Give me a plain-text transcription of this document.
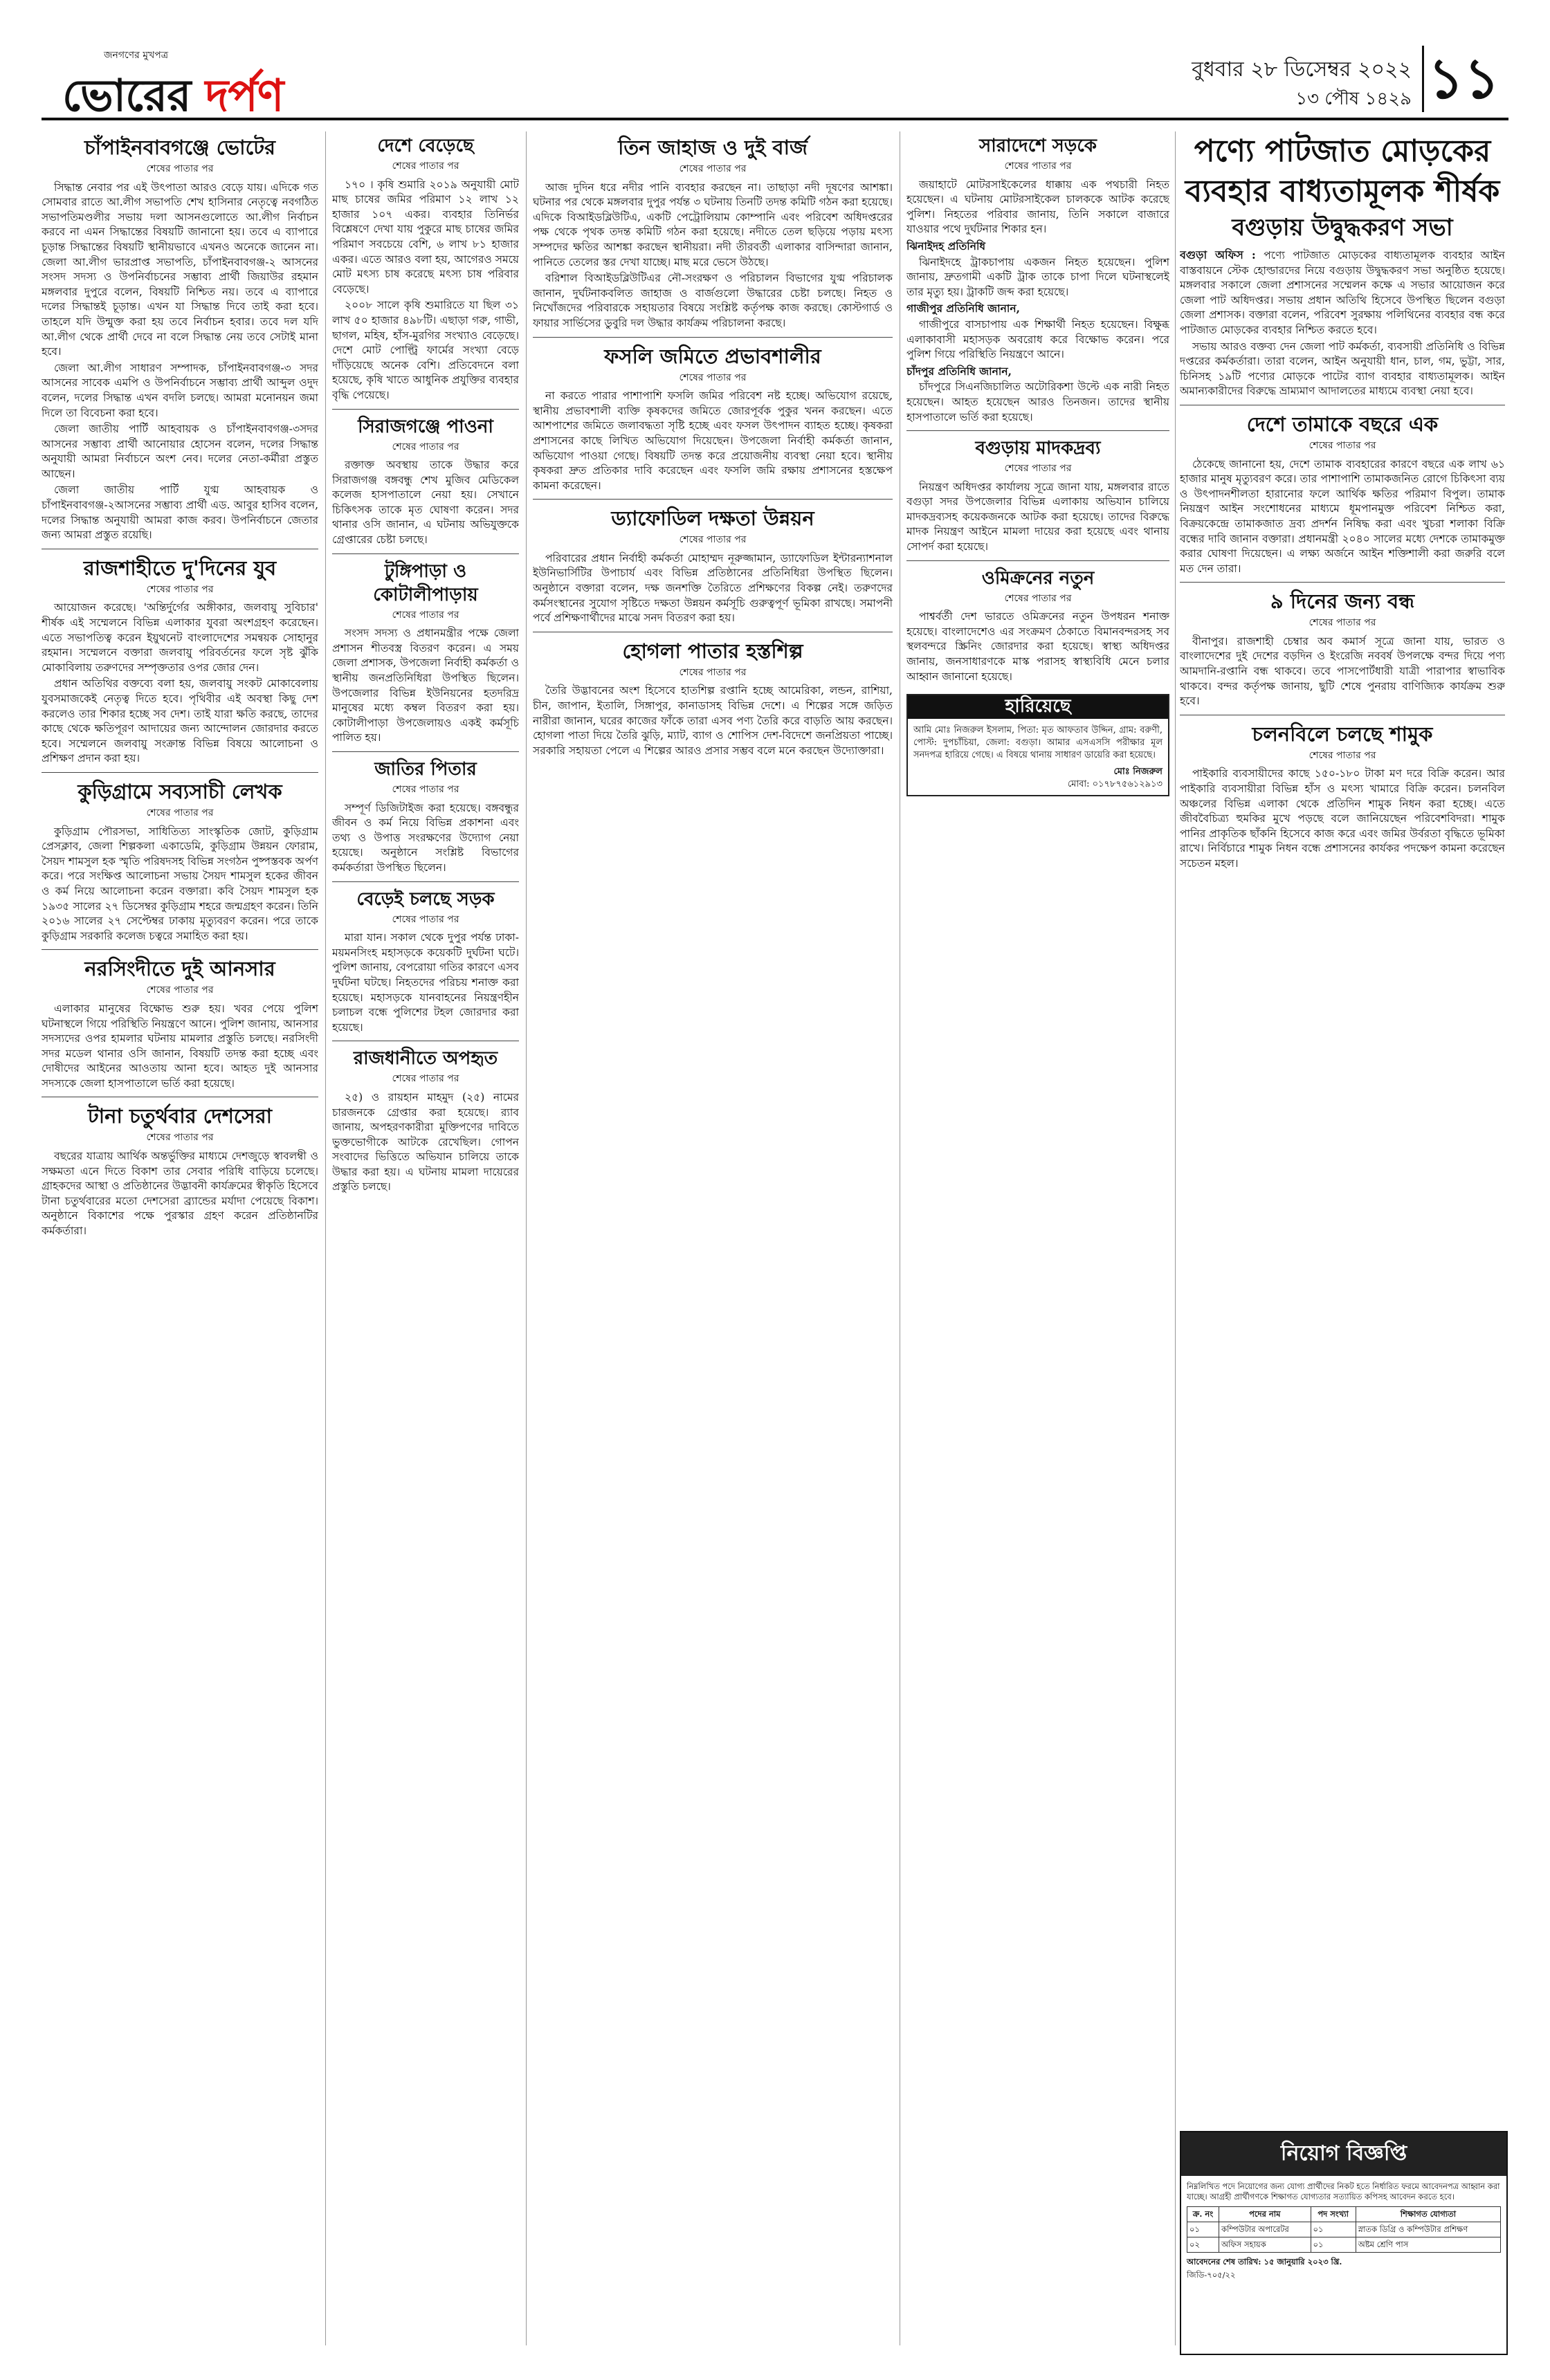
জনগণের মুখপত্র
ভোরের দর্পণ
বুধবার ২৮ ডিসেম্বর ২০২২
১৩ পৌষ ১৪২৯ ১১
চাঁপাইনবাবগঞ্জে ভোটের
শেষের পাতার পর

সিদ্ধান্ত নেবার পর এই উৎপাতা আরও বেড়ে যায়। এদিকে গত সোমবার রাতে আ.লীগ সভাপতি শেখ হাসিনার নেতৃত্বে নবগঠিত সভাপতিমণ্ডলীর সভায় দলা আসনগুলোতে আ.লীগ নির্বাচন করবে না এমন সিদ্ধান্তের বিষয়টি জানানো হয়। তবে এ ব্যাপারে চূড়ান্ত সিদ্ধান্তের বিষয়টি স্থানীয়ভাবে এখনও অনেকে জানেন না। জেলা আ.লীগ ভারপ্রাপ্ত সভাপতি, চাঁপাইনবাবগঞ্জ-২ আসনের সংসদ সদস্য ও উপনির্বাচনের সম্ভাব্য প্রার্থী জিয়াউর রহমান মঙ্গলবার দুপুরে বলেন, বিষয়টি নিশ্চিত নয়। তবে এ ব্যাপারে দলের সিদ্ধান্তই চূড়ান্ত। এখন যা সিদ্ধান্ত দিবে তাই করা হবে। তাহলে যদি উন্মুক্ত করা হয় তবে নির্বাচন হবার। তবে দল যদি আ.লীগ থেকে প্রার্থী দেবে না বলে সিদ্ধান্ত নেয় তবে সেটাই মানা হবে।

জেলা আ.লীগ সাধারণ সম্পাদক, চাঁপাইনবাবগঞ্জ-৩ সদর আসনের সাবেক এমপি ও উপনির্বাচনে সম্ভাব্য প্রার্থী আব্দুল ওদুদ বলেন, দলের সিদ্ধান্ত এখন বদলি চলছে। আমরা মনোনয়ন জমা দিলে তা বিবেচনা করা হবে।

জেলা জাতীয় পার্টি আহবায়ক ও চাঁপাইনবাবগঞ্জ-৩সদর আসনের সম্ভাব্য প্রার্থী আনোয়ার হোসেন বলেন, দলের সিদ্ধান্ত অনুযায়ী আমরা নির্বাচনে অংশ নেব। দলের নেতা-কর্মীরা প্রস্তুত আছেন।

জেলা জাতীয় পার্টি যুগ্ম আহবায়ক ও চাঁপাইনবাবগঞ্জ-২আসনের সম্ভাব্য প্রার্থী এড. আবুর হাসিব বলেন, দলের সিদ্ধান্ত অনুযায়ী আমরা কাজ করব। উপনির্বাচনে জেতার জন্য আমরা প্রস্তুত রয়েছি।

রাজশাহীতে দু'দিনের যুব
শেষের পাতার পর

আয়োজন করেছে। 'অন্তির্দুর্গের অঙ্গীকার, জলবায়ু সুবিচার' শীর্ষক এই সম্মেলনে বিভিন্ন এলাকার যুবরা অংশগ্রহণ করেছেন। এতে সভাপতিত্ব করেন ইয়ুথনেট বাংলাদেশের সমন্বয়ক সোহানুর রহমান। সম্মেলনে বক্তারা জলবায়ু পরিবর্তনের ফলে সৃষ্ট ঝুঁকি মোকাবিলায় তরুণদের সম্পৃক্ততার ওপর জোর দেন।

প্রধান অতিথির বক্তব্যে বলা হয়, জলবায়ু সংকট মোকাবেলায় যুবসমাজকেই নেতৃত্ব দিতে হবে। পৃথিবীর এই অবস্থা কিছু দেশ করলেও তার শিকার হচ্ছে সব দেশ। তাই যারা ক্ষতি করছে, তাদের কাছে থেকে ক্ষতিপূরণ আদায়ের জন্য আন্দোলন জোরদার করতে হবে। সম্মেলনে জলবায়ু সংক্রান্ত বিভিন্ন বিষয়ে আলোচনা ও প্রশিক্ষণ প্রদান করা হয়।

কুড়িগ্রামে সব্যসাচী লেখক
শেষের পাতার পর

কুড়িগ্রাম পৌরসভা, সাধিতিত্য সাংস্কৃতিক জোট, কুড়িগ্রাম প্রেসক্লাব, জেলা শিল্পকলা একাডেমি, কুড়িগ্রাম উন্নয়ন ফোরাম, সৈয়দ শামসুল হক স্মৃতি পরিষদসহ বিভিন্ন সংগঠন পুষ্পস্তবক অর্পণ করে। পরে সংক্ষিপ্ত আলোচনা সভায় সৈয়দ শামসুল হকের জীবন ও কর্ম নিয়ে আলোচনা করেন বক্তারা। কবি সৈয়দ শামসুল হক ১৯৩৫ সালের ২৭ ডিসেম্বর কুড়িগ্রাম শহরে জন্মগ্রহণ করেন। তিনি ২০১৬ সালের ২৭ সেপ্টেম্বর ঢাকায় মৃত্যুবরণ করেন। পরে তাকে কুড়িগ্রাম সরকারি কলেজ চত্বরে সমাহিত করা হয়।

নরসিংদীতে দুই আনসার
শেষের পাতার পর

এলাকার মানুষের বিক্ষোভ শুরু হয়। খবর পেয়ে পুলিশ ঘটনাস্থলে গিয়ে পরিস্থিতি নিয়ন্ত্রণে আনে। পুলিশ জানায়, আনসার সদস্যদের ওপর হামলার ঘটনায় মামলার প্রস্তুতি চলছে। নরসিংদী সদর মডেল থানার ওসি জানান, বিষয়টি তদন্ত করা হচ্ছে এবং দোষীদের আইনের আওতায় আনা হবে। আহত দুই আনসার সদস্যকে জেলা হাসপাতালে ভর্তি করা হয়েছে।

টানা চতুর্থবার দেশসেরা
শেষের পাতার পর

বছরের যাত্রায় আর্থিক অন্তর্ভুক্তির মাধ্যমে দেশজুড়ে স্বাবলম্বী ও সক্ষমতা এনে দিতে বিকাশ তার সেবার পরিধি বাড়িয়ে চলেছে। গ্রাহকদের আস্থা ও প্রতিষ্ঠানের উদ্ভাবনী কার্যক্রমের স্বীকৃতি হিসেবে টানা চতুর্থবারের মতো দেশসেরা ব্র্যান্ডের মর্যাদা পেয়েছে বিকাশ। অনুষ্ঠানে বিকাশের পক্ষে পুরস্কার গ্রহণ করেন প্রতিষ্ঠানটির কর্মকর্তারা।

দেশে বেড়েছে
শেষের পাতার পর

১৭০ । কৃষি শুমারি ২০১৯ অনুযায়ী মোট মাছ চাষের জমির পরিমাণ ১২ লাখ ১২ হাজার ১০৭ একর। ব্যবহার তিনির্ভর বিশ্লেষণে দেখা যায় পুকুরে মাছ চাষের জমির পরিমাণ সবচেয়ে বেশি, ৬ লাখ ৮১ হাজার একর। এতে আরও বলা হয়, আগেরও সময়ে মোট মৎস্য চাষ করেছে মৎস্য চাষ পরিবার বেড়েছে।

২০০৮ সালে কৃষি শুমারিতে যা ছিল ৩১ লাখ ৫০ হাজার ৪৯৮টি। এছাড়া গরু, গাভী, ছাগল, মহিষ, হাঁস-মুরগির সংখ্যাও বেড়েছে। দেশে মোট পোল্ট্রি ফার্মের সংখ্যা বেড়ে দাঁড়িয়েছে অনেক বেশি। প্রতিবেদনে বলা হয়েছে, কৃষি খাতে আধুনিক প্রযুক্তির ব্যবহার বৃদ্ধি পেয়েছে।

সিরাজগঞ্জে পাওনা
শেষের পাতার পর

রক্তাক্ত অবস্থায় তাকে উদ্ধার করে সিরাজগঞ্জ বঙ্গবন্ধু শেখ মুজিব মেডিকেল কলেজ হাসপাতালে নেয়া হয়। সেখানে চিকিৎসক তাকে মৃত ঘোষণা করেন। সদর থানার ওসি জানান, এ ঘটনায় অভিযুক্তকে গ্রেপ্তারের চেষ্টা চলছে।

টুঙ্গিপাড়া ও কোটালীপাড়ায়
শেষের পাতার পর

সংসদ সদস্য ও প্রধানমন্ত্রীর পক্ষে জেলা প্রশাসন শীতবস্ত্র বিতরণ করেন। এ সময় জেলা প্রশাসক, উপজেলা নির্বাহী কর্মকর্তা ও স্থানীয় জনপ্রতিনিধিরা উপস্থিত ছিলেন। উপজেলার বিভিন্ন ইউনিয়নের হতদরিদ্র মানুষের মধ্যে কম্বল বিতরণ করা হয়। কোটালীপাড়া উপজেলায়ও একই কর্মসূচি পালিত হয়।

জাতির পিতার
শেষের পাতার পর

সম্পূর্ণ ডিজিটাইজ করা হয়েছে। বঙ্গবন্ধুর জীবন ও কর্ম নিয়ে বিভিন্ন প্রকাশনা এবং তথ্য ও উপাত্ত সংরক্ষণের উদ্যোগ নেয়া হয়েছে। অনুষ্ঠানে সংশ্লিষ্ট বিভাগের কর্মকর্তারা উপস্থিত ছিলেন।

বেড়েই চলছে সড়ক
শেষের পাতার পর

মারা যান। সকাল থেকে দুপুর পর্যন্ত ঢাকা-ময়মনসিংহ মহাসড়কে কয়েকটি দুর্ঘটনা ঘটে। পুলিশ জানায়, বেপরোয়া গতির কারণে এসব দুর্ঘটনা ঘটছে। নিহতদের পরিচয় শনাক্ত করা হয়েছে। মহাসড়কে যানবাহনের নিয়ন্ত্রণহীন চলাচল বন্ধে পুলিশের টহল জোরদার করা হয়েছে।

রাজধানীতে অপহৃত
শেষের পাতার পর

২৫) ও রায়হান মাহমুদ (২৫) নামের চারজনকে গ্রেপ্তার করা হয়েছে। র‍্যাব জানায়, অপহরণকারীরা মুক্তিপণের দাবিতে ভুক্তভোগীকে আটকে রেখেছিল। গোপন সংবাদের ভিত্তিতে অভিযান চালিয়ে তাকে উদ্ধার করা হয়। এ ঘটনায় মামলা দায়েরের প্রস্তুতি চলছে।

তিন জাহাজ ও দুই বার্জ
শেষের পাতার পর

আজ দুদিন ধরে নদীর পানি ব্যবহার করছেন না। তাছাড়া নদী দূষণের আশঙ্কা। ঘটনার পর থেকে মঙ্গলবার দুপুর পর্যন্ত ৩ ঘটনায় তিনটি তদন্ত কমিটি গঠন করা হয়েছে। এদিকে বিআইডব্লিউটিএ, একটি পেট্রোলিয়াম কোম্পানি এবং পরিবেশ অধিদপ্তরের পক্ষ থেকে পৃথক তদন্ত কমিটি গঠন করা হয়েছে। নদীতে তেল ছড়িয়ে পড়ায় মৎস্য সম্পদের ক্ষতির আশঙ্কা করছেন স্থানীয়রা। নদী তীরবর্তী এলাকার বাসিন্দারা জানান, পানিতে তেলের স্তর দেখা যাচ্ছে। মাছ মরে ভেসে উঠছে।

বরিশাল বিআইডব্লিউটিএর নৌ-সংরক্ষণ ও পরিচালন বিভাগের যুগ্ম পরিচালক জানান, দুর্ঘটনাকবলিত জাহাজ ও বার্জগুলো উদ্ধারের চেষ্টা চলছে। নিহত ও নিখোঁজদের পরিবারকে সহায়তার বিষয়ে সংশ্লিষ্ট কর্তৃপক্ষ কাজ করছে। কোস্টগার্ড ও ফায়ার সার্ভিসের ডুবুরি দল উদ্ধার কার্যক্রম পরিচালনা করছে।

ফসলি জমিতে প্রভাবশালীর
শেষের পাতার পর

না করতে পারার পাশাপাশি ফসলি জমির পরিবেশ নষ্ট হচ্ছে। অভিযোগ রয়েছে, স্থানীয় প্রভাবশালী ব্যক্তি কৃষকদের জমিতে জোরপূর্বক পুকুর খনন করছেন। এতে আশপাশের জমিতে জলাবদ্ধতা সৃষ্টি হচ্ছে এবং ফসল উৎপাদন ব্যাহত হচ্ছে। কৃষকরা প্রশাসনের কাছে লিখিত অভিযোগ দিয়েছেন। উপজেলা নির্বাহী কর্মকর্তা জানান, অভিযোগ পাওয়া গেছে। বিষয়টি তদন্ত করে প্রয়োজনীয় ব্যবস্থা নেয়া হবে। স্থানীয় কৃষকরা দ্রুত প্রতিকার দাবি করেছেন এবং ফসলি জমি রক্ষায় প্রশাসনের হস্তক্ষেপ কামনা করেছেন।

ড্যাফোডিল দক্ষতা উন্নয়ন
শেষের পাতার পর

পরিবারের প্রধান নির্বাহী কর্মকর্তা মোহাম্মদ নূরুজ্জামান, ড্যাফোডিল ইন্টারন্যাশনাল ইউনিভার্সিটির উপাচার্য এবং বিভিন্ন প্রতিষ্ঠানের প্রতিনিধিরা উপস্থিত ছিলেন। অনুষ্ঠানে বক্তারা বলেন, দক্ষ জনশক্তি তৈরিতে প্রশিক্ষণের বিকল্প নেই। তরুণদের কর্মসংস্থানের সুযোগ সৃষ্টিতে দক্ষতা উন্নয়ন কর্মসূচি গুরুত্বপূর্ণ ভূমিকা রাখছে। সমাপনী পর্বে প্রশিক্ষণার্থীদের মাঝে সনদ বিতরণ করা হয়।

হোগলা পাতার হস্তশিল্প
শেষের পাতার পর

তৈরি উদ্ভাবনের অংশ হিসেবে হাতশিল্প রপ্তানি হচ্ছে আমেরিকা, লন্ডন, রাশিয়া, চীন, জাপান, ইতালি, সিঙ্গাপুর, কানাডাসহ বিভিন্ন দেশে। এ শিল্পের সঙ্গে জড়িত নারীরা জানান, ঘরের কাজের ফাঁকে তারা এসব পণ্য তৈরি করে বাড়তি আয় করছেন। হোগলা পাতা দিয়ে তৈরি ঝুড়ি, ম্যাট, ব্যাগ ও শোপিস দেশ-বিদেশে জনপ্রিয়তা পাচ্ছে। সরকারি সহায়তা পেলে এ শিল্পের আরও প্রসার সম্ভব বলে মনে করছেন উদ্যোক্তারা।

সারাদেশে সড়কে
শেষের পাতার পর

জয়াহাটে মোটরসাইকেলের ধাক্কায় এক পথচারী নিহত হয়েছেন। এ ঘটনায় মোটরসাইকেল চালককে আটক করেছে পুলিশ। নিহতের পরিবার জানায়, তিনি সকালে বাজারে যাওয়ার পথে দুর্ঘটনার শিকার হন।

ঝিনাইদহ প্রতিনিধি

ঝিনাইদহে ট্রাকচাপায় একজন নিহত হয়েছেন। পুলিশ জানায়, দ্রুতগামী একটি ট্রাক তাকে চাপা দিলে ঘটনাস্থলেই তার মৃত্যু হয়। ট্রাকটি জব্দ করা হয়েছে।

গাজীপুর প্রতিনিধি জানান,

গাজীপুরে বাসচাপায় এক শিক্ষার্থী নিহত হয়েছেন। বিক্ষুব্ধ এলাকাবাসী মহাসড়ক অবরোধ করে বিক্ষোভ করেন। পরে পুলিশ গিয়ে পরিস্থিতি নিয়ন্ত্রণে আনে।

চাঁদপুর প্রতিনিধি জানান,

চাঁদপুরে সিএনজিচালিত অটোরিকশা উল্টে এক নারী নিহত হয়েছেন। আহত হয়েছেন আরও তিনজন। তাদের স্থানীয় হাসপাতালে ভর্তি করা হয়েছে।

বগুড়ায় মাদকদ্রব্য
শেষের পাতার পর

নিয়ন্ত্রণ অধিদপ্তর কার্যালয় সূত্রে জানা যায়, মঙ্গলবার রাতে বগুড়া সদর উপজেলার বিভিন্ন এলাকায় অভিযান চালিয়ে মাদকদ্রব্যসহ কয়েকজনকে আটক করা হয়েছে। তাদের বিরুদ্ধে মাদক নিয়ন্ত্রণ আইনে মামলা দায়ের করা হয়েছে এবং থানায় সোপর্দ করা হয়েছে।

ওমিক্রনের নতুন
শেষের পাতার পর

পাশ্বর্বর্তী দেশ ভারতে ওমিক্রনের নতুন উপধরন শনাক্ত হয়েছে। বাংলাদেশেও এর সংক্রমণ ঠেকাতে বিমানবন্দরসহ সব স্থলবন্দরে স্ক্রিনিং জোরদার করা হয়েছে। স্বাস্থ্য অধিদপ্তর জানায়, জনসাধারণকে মাস্ক পরাসহ স্বাস্থ্যবিধি মেনে চলার আহ্বান জানানো হয়েছে।

হারিয়েছে
আমি মোঃ নিজরুল ইসলাম, পিতা: মৃত আফতাব উদ্দিন, গ্রাম: বরুণী, পোস্ট: দুপচাঁচিয়া, জেলা: বগুড়া। আমার এসএসসি পরীক্ষার মূল সনদপত্র হারিয়ে গেছে। এ বিষয়ে থানায় সাধারণ ডায়েরি করা হয়েছে।
মোঃ নিজরুল
মোবা: ০১৭৮৭৫৬১২৯১৩
পণ্যে পাটজাত মোড়কের ব্যবহার বাধ্যতামূলক শীর্ষক
বগুড়ায় উদ্বুদ্ধকরণ সভা

বগুড়া অফিস : পণ্যে পাটজাত মোড়কের বাধ্যতামূলক ব্যবহার আইন বাস্তবায়নে স্টেক হোল্ডারদের নিয়ে বগুড়ায় উদ্বুদ্ধকরণ সভা অনুষ্ঠিত হয়েছে। মঙ্গলবার সকালে জেলা প্রশাসনের সম্মেলন কক্ষে এ সভার আয়োজন করে জেলা পাট অধিদপ্তর। সভায় প্রধান অতিথি হিসেবে উপস্থিত ছিলেন বগুড়া জেলা প্রশাসক। বক্তারা বলেন, পরিবেশ সুরক্ষায় পলিথিনের ব্যবহার বন্ধ করে পাটজাত মোড়কের ব্যবহার নিশ্চিত করতে হবে।

সভায় আরও বক্তব্য দেন জেলা পাট কর্মকর্তা, ব্যবসায়ী প্রতিনিধি ও বিভিন্ন দপ্তরের কর্মকর্তারা। তারা বলেন, আইন অনুযায়ী ধান, চাল, গম, ভুট্টা, সার, চিনিসহ ১৯টি পণ্যের মোড়কে পাটের ব্যাগ ব্যবহার বাধ্যতামূলক। আইন অমান্যকারীদের বিরুদ্ধে ভ্রাম্যমাণ আদালতের মাধ্যমে ব্যবস্থা নেয়া হবে।

দেশে তামাকে বছরে এক
শেষের পাতার পর

ঠেকেছে জানানো হয়, দেশে তামাক ব্যবহারের কারণে বছরে এক লাখ ৬১ হাজার মানুষ মৃত্যুবরণ করে। তার পাশাপাশি তামাকজনিত রোগে চিকিৎসা ব্যয় ও উৎপাদনশীলতা হারানোর ফলে আর্থিক ক্ষতির পরিমাণ বিপুল। তামাক নিয়ন্ত্রণ আইন সংশোধনের মাধ্যমে ধূমপানমুক্ত পরিবেশ নিশ্চিত করা, বিক্রয়কেন্দ্রে তামাকজাত দ্রব্য প্রদর্শন নিষিদ্ধ করা এবং খুচরা শলাকা বিক্রি বন্ধের দাবি জানান বক্তারা। প্রধানমন্ত্রী ২০৪০ সালের মধ্যে দেশকে তামাকমুক্ত করার ঘোষণা দিয়েছেন। এ লক্ষ্য অর্জনে আইন শক্তিশালী করা জরুরি বলে মত দেন তারা।

৯ দিনের জন্য বন্ধ
শেষের পাতার পর

বীনাপুর। রাজশাহী চেম্বার অব কমার্স সূত্রে জানা যায়, ভারত ও বাংলাদেশের দুই দেশের বড়দিন ও ইংরেজি নববর্ষ উপলক্ষে বন্দর দিয়ে পণ্য আমদানি-রপ্তানি বন্ধ থাকবে। তবে পাসপোর্টধারী যাত্রী পারাপার স্বাভাবিক থাকবে। বন্দর কর্তৃপক্ষ জানায়, ছুটি শেষে পুনরায় বাণিজ্যিক কার্যক্রম শুরু হবে।

চলনবিলে চলছে শামুক
শেষের পাতার পর

পাইকারি ব্যবসায়ীদের কাছে ১৫০-১৮০ টাকা মণ দরে বিক্রি করেন। আর পাইকারি ব্যবসায়ীরা বিভিন্ন হাঁস ও মৎস্য খামারে বিক্রি করেন। চলনবিল অঞ্চলের বিভিন্ন এলাকা থেকে প্রতিদিন শামুক নিধন করা হচ্ছে। এতে জীববৈচিত্র্য হুমকির মুখে পড়ছে বলে জানিয়েছেন পরিবেশবিদরা। শামুক পানির প্রাকৃতিক ছাঁকনি হিসেবে কাজ করে এবং জমির উর্বরতা বৃদ্ধিতে ভূমিকা রাখে। নির্বিচারে শামুক নিধন বন্ধে প্রশাসনের কার্যকর পদক্ষেপ কামনা করেছেন সচেতন মহল।

নিয়োগ বিজ্ঞপ্তি
নিম্নলিখিত পদে নিয়োগের জন্য যোগ্য প্রার্থীদের নিকট হতে নির্ধারিত ফরমে আবেদনপত্র আহ্বান করা যাচ্ছে। আগ্রহী প্রার্থীগণকে শিক্ষাগত যোগ্যতার সত্যায়িত কপিসহ আবেদন করতে হবে।
ক্র. নং	পদের নাম	পদ সংখ্যা	শিক্ষাগত যোগ্যতা
০১	কম্পিউটার অপারেটর	০১	স্নাতক ডিগ্রি ও কম্পিউটার প্রশিক্ষণ
০২	অফিস সহায়ক	০১	অষ্টম শ্রেণি পাস
আবেদনের শেষ তারিখ: ১৫ জানুয়ারি ২০২৩ খ্রি.
জিডি-৭০৫/২২
